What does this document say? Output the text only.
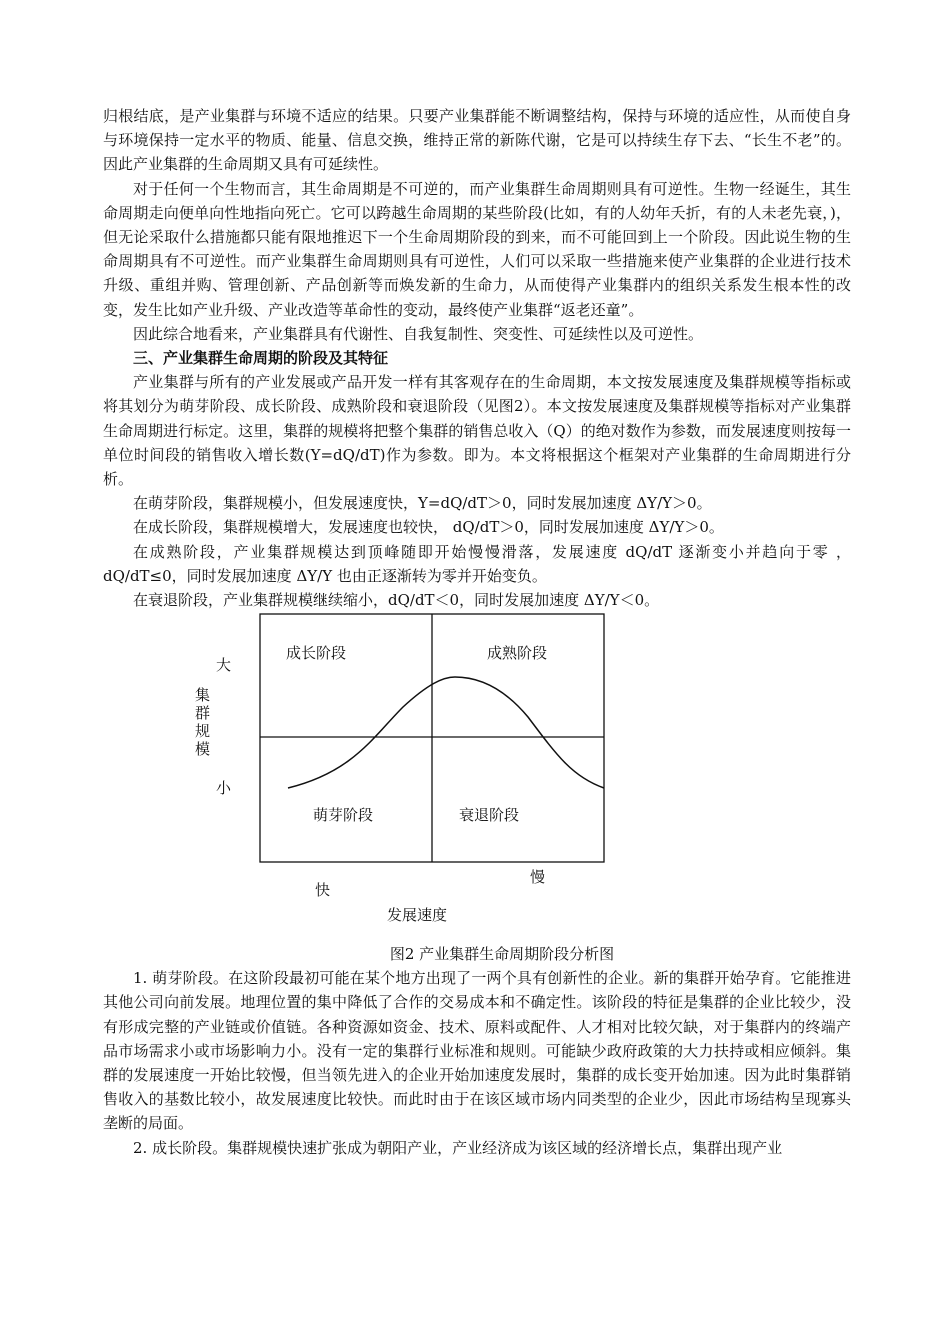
归根结底，是产业集群与环境不适应的结果。只要产业集群能不断调整结构，保持与环境的适应性，从而使自身与环境保持一定水平的物质、能量、信息交换，维持正常的新陈代谢，它是可以持续生存下去、“长生不老”的。因此产业集群的生命周期又具有可延续性。

对于任何一个生物而言，其生命周期是不可逆的，而产业集群生命周期则具有可逆性。生物一经诞生，其生命周期走向便单向性地指向死亡。它可以跨越生命周期的某些阶段(比如，有的人幼年夭折，有的人未老先衰，)，但无论采取什么措施都只能有限地推迟下一个生命周期阶段的到来，而不可能回到上一个阶段。因此说生物的生命周期具有不可逆性。而产业集群生命周期则具有可逆性，人们可以采取一些措施来使产业集群的企业进行技术升级、重组并购、管理创新、产品创新等而焕发新的生命力，从而使得产业集群内的组织关系发生根本性的改变，发生比如产业升级、产业改造等革命性的变动，最终使产业集群“返老还童”。

因此综合地看来，产业集群具有代谢性、自我复制性、突变性、可延续性以及可逆性。

三、产业集群生命周期的阶段及其特征

产业集群与所有的产业发展或产品开发一样有其客观存在的生命周期，本文按发展速度及集群规模等指标或将其划分为萌芽阶段、成长阶段、成熟阶段和衰退阶段（见图2）。本文按发展速度及集群规模等指标对产业集群生命周期进行标定。这里，集群的规模将把整个集群的销售总收入（Q）的绝对数作为参数，而发展速度则按每一单位时间段的销售收入增长数(Y=dQ/dT)作为参数。即为。本文将根据这个框架对产业集群的生命周期进行分析。

在萌芽阶段，集群规模小，但发展速度快，Y=dQ/dT＞0，同时发展加速度 ΔY/Y＞0。

在成长阶段，集群规模增大，发展速度也较快， dQ/dT＞0，同时发展加速度 ΔY/Y＞0。

在成熟阶段，产业集群规模达到顶峰随即开始慢慢滑落，发展速度 dQ/dT 逐渐变小并趋向于零 ，dQ/dT≤0，同时发展加速度 ΔY/Y 也由正逐渐转为零并开始变负。

在衰退阶段，产业集群规模继续缩小，dQ/dT＜0，同时发展加速度 ΔY/Y＜0。

成长阶段	成熟阶段
萌芽阶段	衰退阶段
大
集
群
规
模
小
快
慢
发展速度
图2 产业集群生命周期阶段分析图

1. 萌芽阶段。在这阶段最初可能在某个地方出现了一两个具有创新性的企业。新的集群开始孕育。它能推进其他公司向前发展。地理位置的集中降低了合作的交易成本和不确定性。该阶段的特征是集群的企业比较少，没有形成完整的产业链或价值链。各种资源如资金、技术、原料或配件、人才相对比较欠缺，对于集群内的终端产品市场需求小或市场影响力小。没有一定的集群行业标准和规则。可能缺少政府政策的大力扶持或相应倾斜。集群的发展速度一开始比较慢，但当领先进入的企业开始加速度发展时，集群的成长变开始加速。因为此时集群销售收入的基数比较小，故发展速度比较快。而此时由于在该区域市场内同类型的企业少，因此市场结构呈现寡头垄断的局面。

2. 成长阶段。集群规模快速扩张成为朝阳产业，产业经济成为该区域的经济增长点，集群出现产业
